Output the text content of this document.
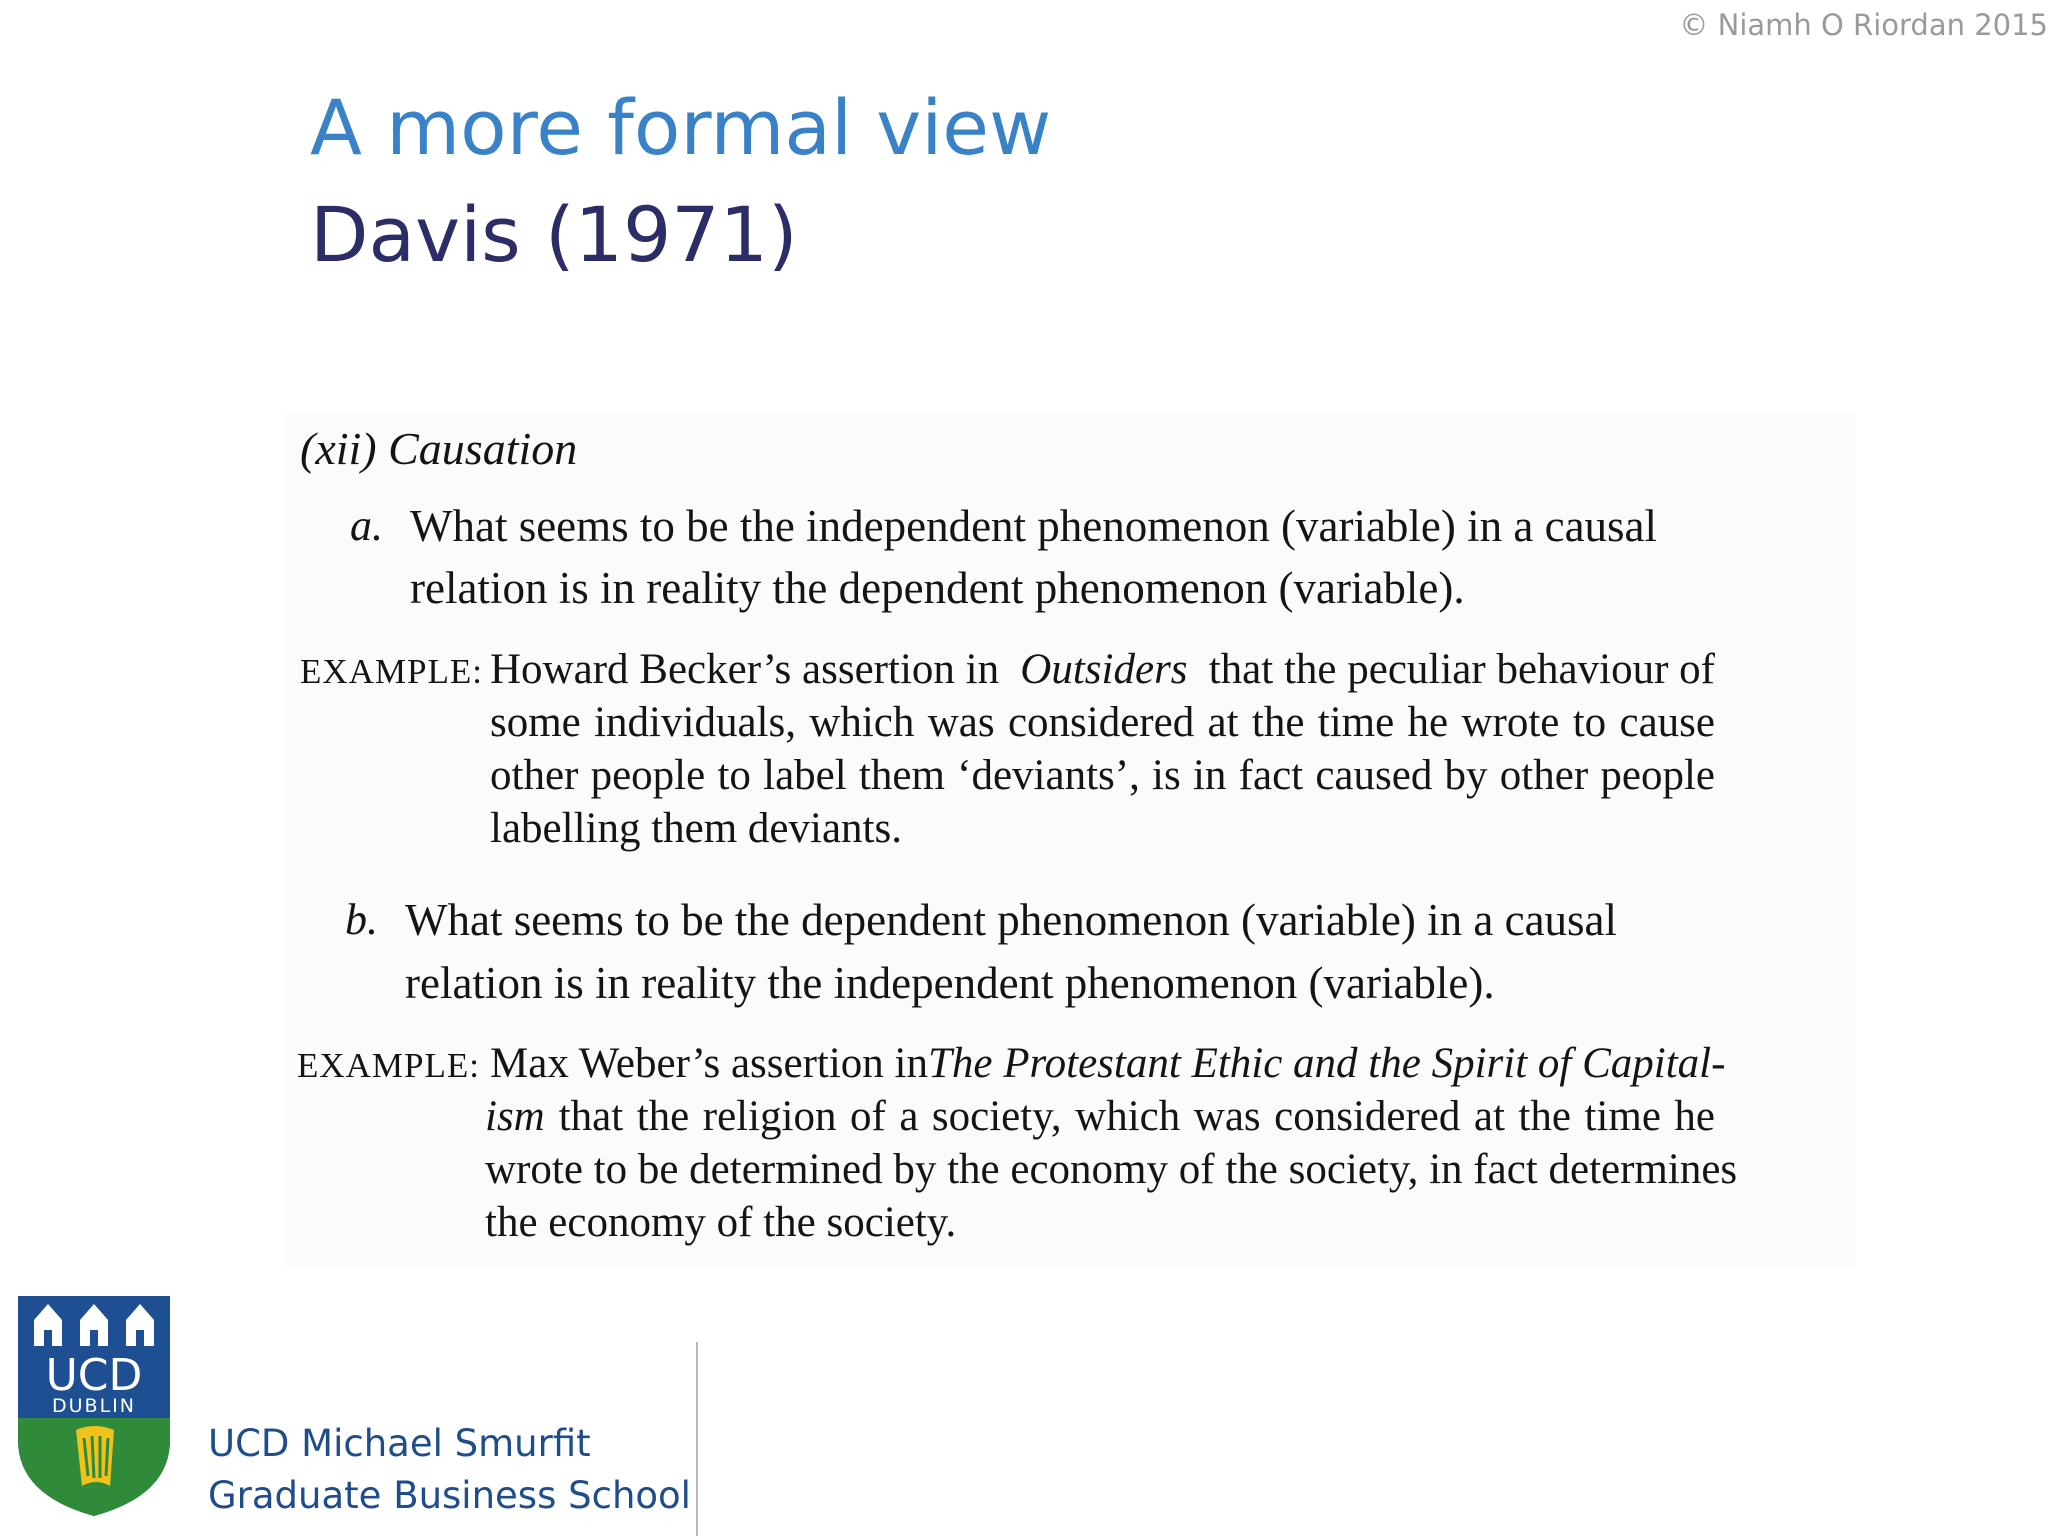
© Niamh O Riordan 2015
A more formal view
Davis (1971)
(xii) Causation
a. What seems to be the independent phenomenon (variable) in a causal
relation is in reality the dependent phenomenon (variable).
EXAMPLE: Howard Becker’s assertion in Outsiders that the peculiar behaviour of
some individuals, which was considered at the time he wrote to cause
other people to label them ‘deviants’, is in fact caused by other people
labelling them deviants.
b. What seems to be the dependent phenomenon (variable) in a causal
relation is in reality the independent phenomenon (variable).
EXAMPLE: Max Weber’s assertion in The Protestant Ethic and the Spirit of Capital-
ism that the religion of a society, which was considered at the time he
wrote to be determined by the economy of the society, in fact determines
the economy of the society.
UCD
DUBLIN
UCD Michael Smurfit
Graduate Business School
